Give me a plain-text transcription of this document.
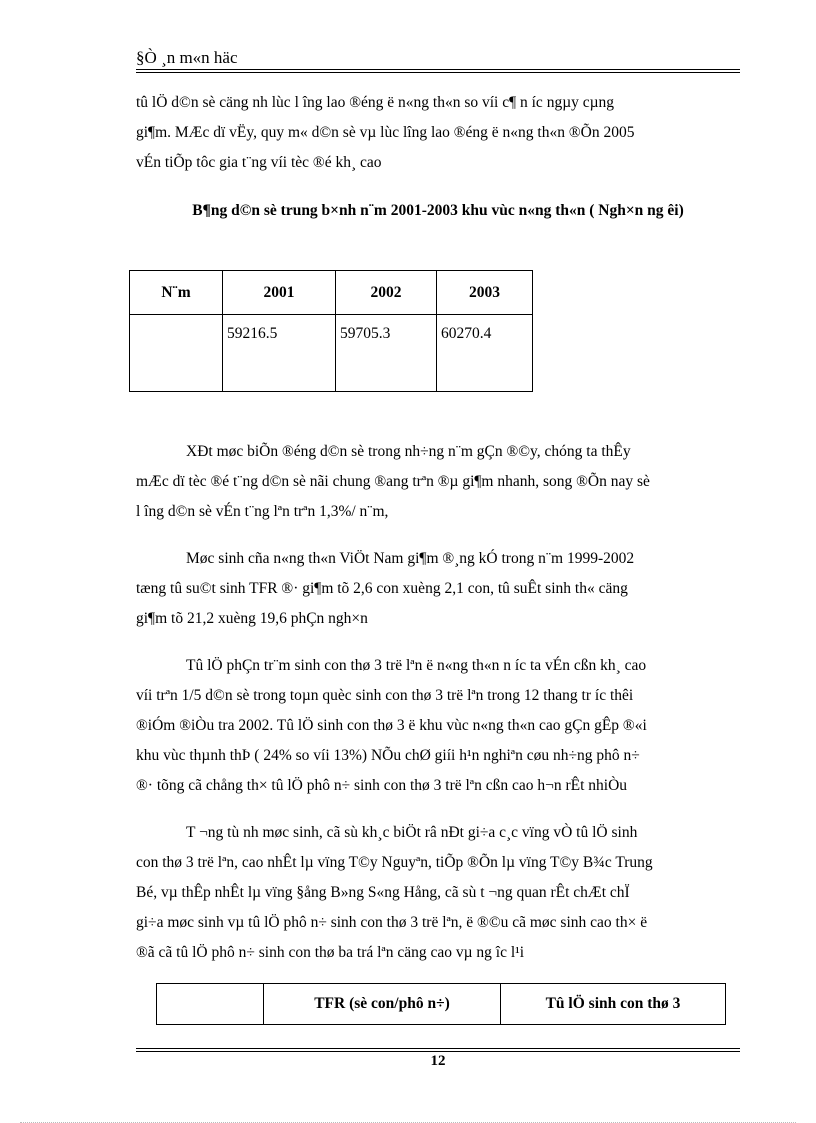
§Ò ¸n m«n häc
tû lÖ d©n sè cäng nh lùc l îng lao ®éng ë n«ng th«n so víi c¶ n íc ngµy cµng
gi¶m. MÆc dï vËy, quy m« d©n sè vµ lùc lîng lao ®éng ë n«ng th«n ®Õn 2005
vÉn tiÕp tôc gia t¨ng víi tèc ®é kh¸ cao
B¶ng d©n sè trung b×nh n¨m 2001-2003 khu vùc n«ng th«n ( Ngh×n ng êi)
N¨m	2001	2002	2003
	59216.5	59705.3	60270.4
XÐt møc biÕn ®éng d©n sè trong nh÷ng n¨m gÇn ®©y, chóng ta thÊy
mÆc dï tèc ®é t¨ng d©n sè nãi chung ®ang trªn ®µ gi¶m nhanh, song ®Õn nay sè
l îng d©n sè vÉn t¨ng lªn trªn 1,3%/ n¨m,
Møc sinh cña n«ng th«n ViÖt Nam gi¶m ®¸ng kÓ trong n¨m 1999-2002
tæng tû su©t sinh TFR ®· gi¶m tõ 2,6 con xuèng 2,1 con, tû suÊt sinh th« cäng
gi¶m tõ 21,2 xuèng 19,6 phÇn ngh×n
Tû lÖ phÇn tr¨m sinh con thø 3 trë lªn ë n«ng th«n n íc ta vÉn cßn kh¸ cao
víi trªn 1/5 d©n sè trong toµn quèc sinh con thø 3 trë lªn trong 12 thang tr íc thêi
®iÓm ®iÒu tra 2002. Tû lÖ sinh con thø 3 ë khu vùc n«ng th«n cao gÇn gÊp ®«i
khu vùc thµnh thÞ ( 24% so víi 13%) NÕu chØ giíi h¹n nghiªn cøu nh÷ng phô n÷
®· tõng cã chång th× tû lÖ phô n÷ sinh con thø 3 trë lªn cßn cao h¬n rÊt nhiÒu
T ¬ng tù nh møc sinh, cã sù kh¸c biÖt râ nÐt gi÷a c¸c vïng vÒ tû lÖ sinh
con thø 3 trë lªn, cao nhÊt lµ vïng T©y Nguyªn, tiÕp ®Õn lµ vïng T©y B¾c Trung
Bé, vµ thÊp nhÊt lµ vïng §ång B»ng S«ng Hång, cã sù t ¬ng quan rÊt chÆt chÏ
gi÷a møc sinh vµ tû lÖ phô n÷ sinh con thø 3 trë lªn, ë ®©u cã møc sinh cao th× ë
®ã cã tû lÖ phô n÷ sinh con thø ba trá lªn cäng cao vµ ng îc l¹i
	TFR (sè con/phô n÷)	Tû lÖ sinh con thø 3
12
